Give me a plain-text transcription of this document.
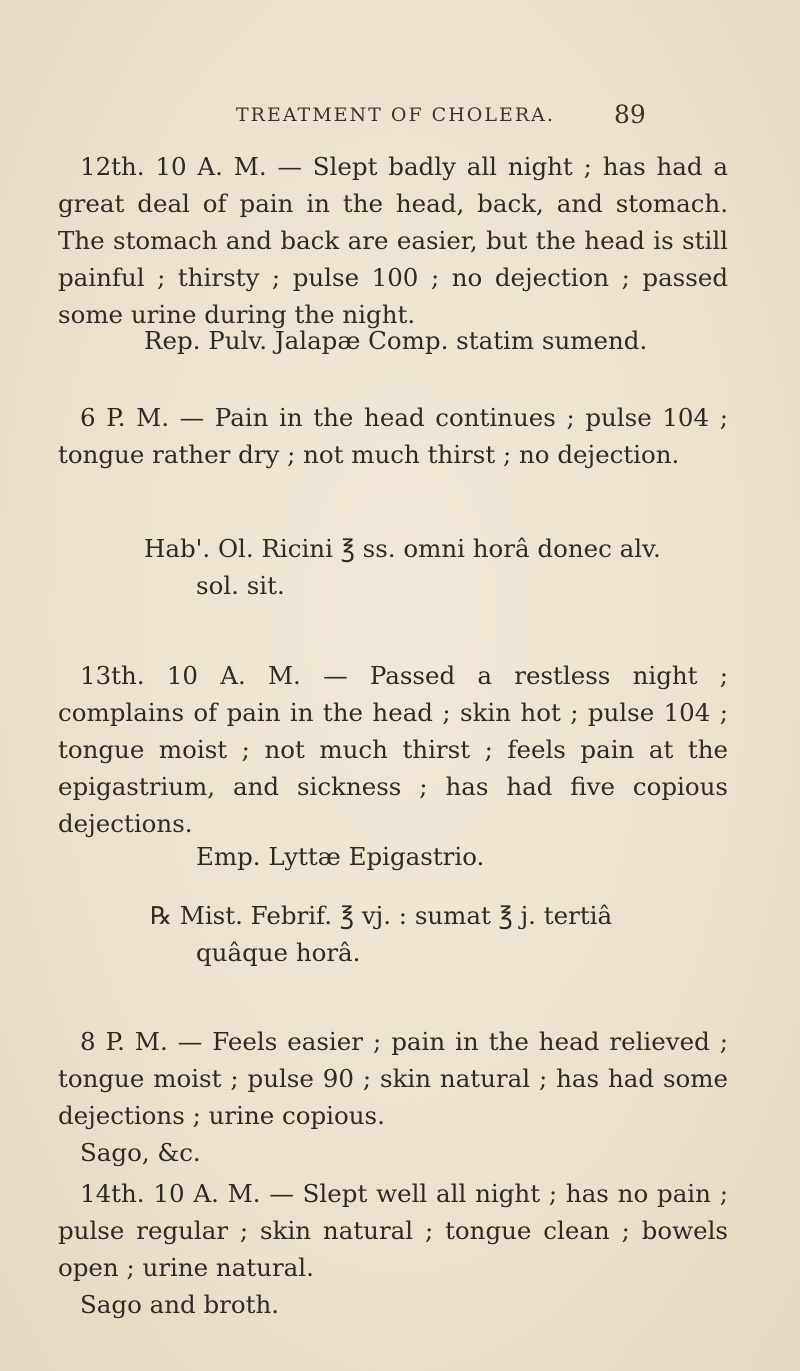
TREATMENT OF CHOLERA. 89

12th. 10 A. M. — Slept badly all night ; has had a great deal of pain in the head, back, and stomach. The stomach and back are easier, but the head is still painful ; thirsty ; pulse 100 ; no dejection ; passed some urine during the night.

Rep. Pulv. Jalapæ Comp. statim sumend.

6 P. M. — Pain in the head continues ; pulse 104 ; tongue rather dry ; not much thirst ; no dejection.

Hab'. Ol. Ricini ℥ ss. omni horâ donec alv.

sol. sit.

13th. 10 A. M. — Passed a restless night ; complains of pain in the head ; skin hot ; pulse 104 ; tongue moist ; not much thirst ; feels pain at the epigastrium, and sickness ; has had five copious dejections.

Emp. Lyttæ Epigastrio.

℞ Mist. Febrif. ℥ vj. : sumat ℥ j. tertiâ

quâque horâ.

8 P. M. — Feels easier ; pain in the head relieved ; tongue moist ; pulse 90 ; skin natural ; has had some dejections ; urine copious.

Sago, &c.

14th. 10 A. M. — Slept well all night ; has no pain ; pulse regular ; skin natural ; tongue clean ; bowels open ; urine natural.

Sago and broth.
